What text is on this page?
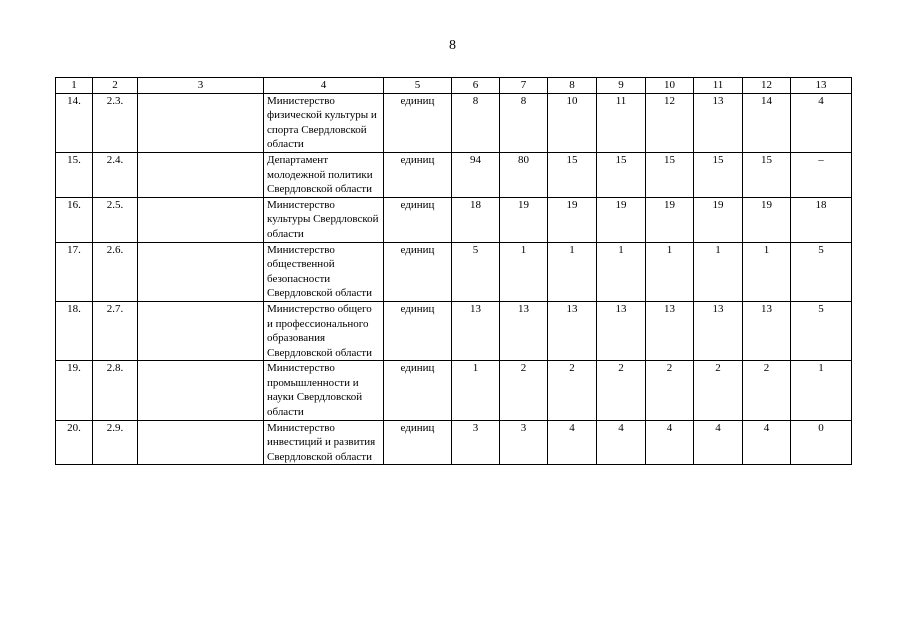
8
1	2	3	4	5	6	7	8	9	10	11	12	13
14.	2.3.		Министерство физической культуры и спорта Свердловской области	единиц	8	8	10	11	12	13	14	4
15.	2.4.		Департамент молодежной политики Свердловской области	единиц	94	80	15	15	15	15	15	–
16.	2.5.		Министерство культуры Свердловской области	единиц	18	19	19	19	19	19	19	18
17.	2.6.		Министерство общественной безопасности Свердловской области	единиц	5	1	1	1	1	1	1	5
18.	2.7.		Министерство общего и профессионального образования Свердловской области	единиц	13	13	13	13	13	13	13	5
19.	2.8.		Министерство промышленности и науки Свердловской области	единиц	1	2	2	2	2	2	2	1
20.	2.9.		Министерство инвестиций и развития Свердловской области	единиц	3	3	4	4	4	4	4	0
